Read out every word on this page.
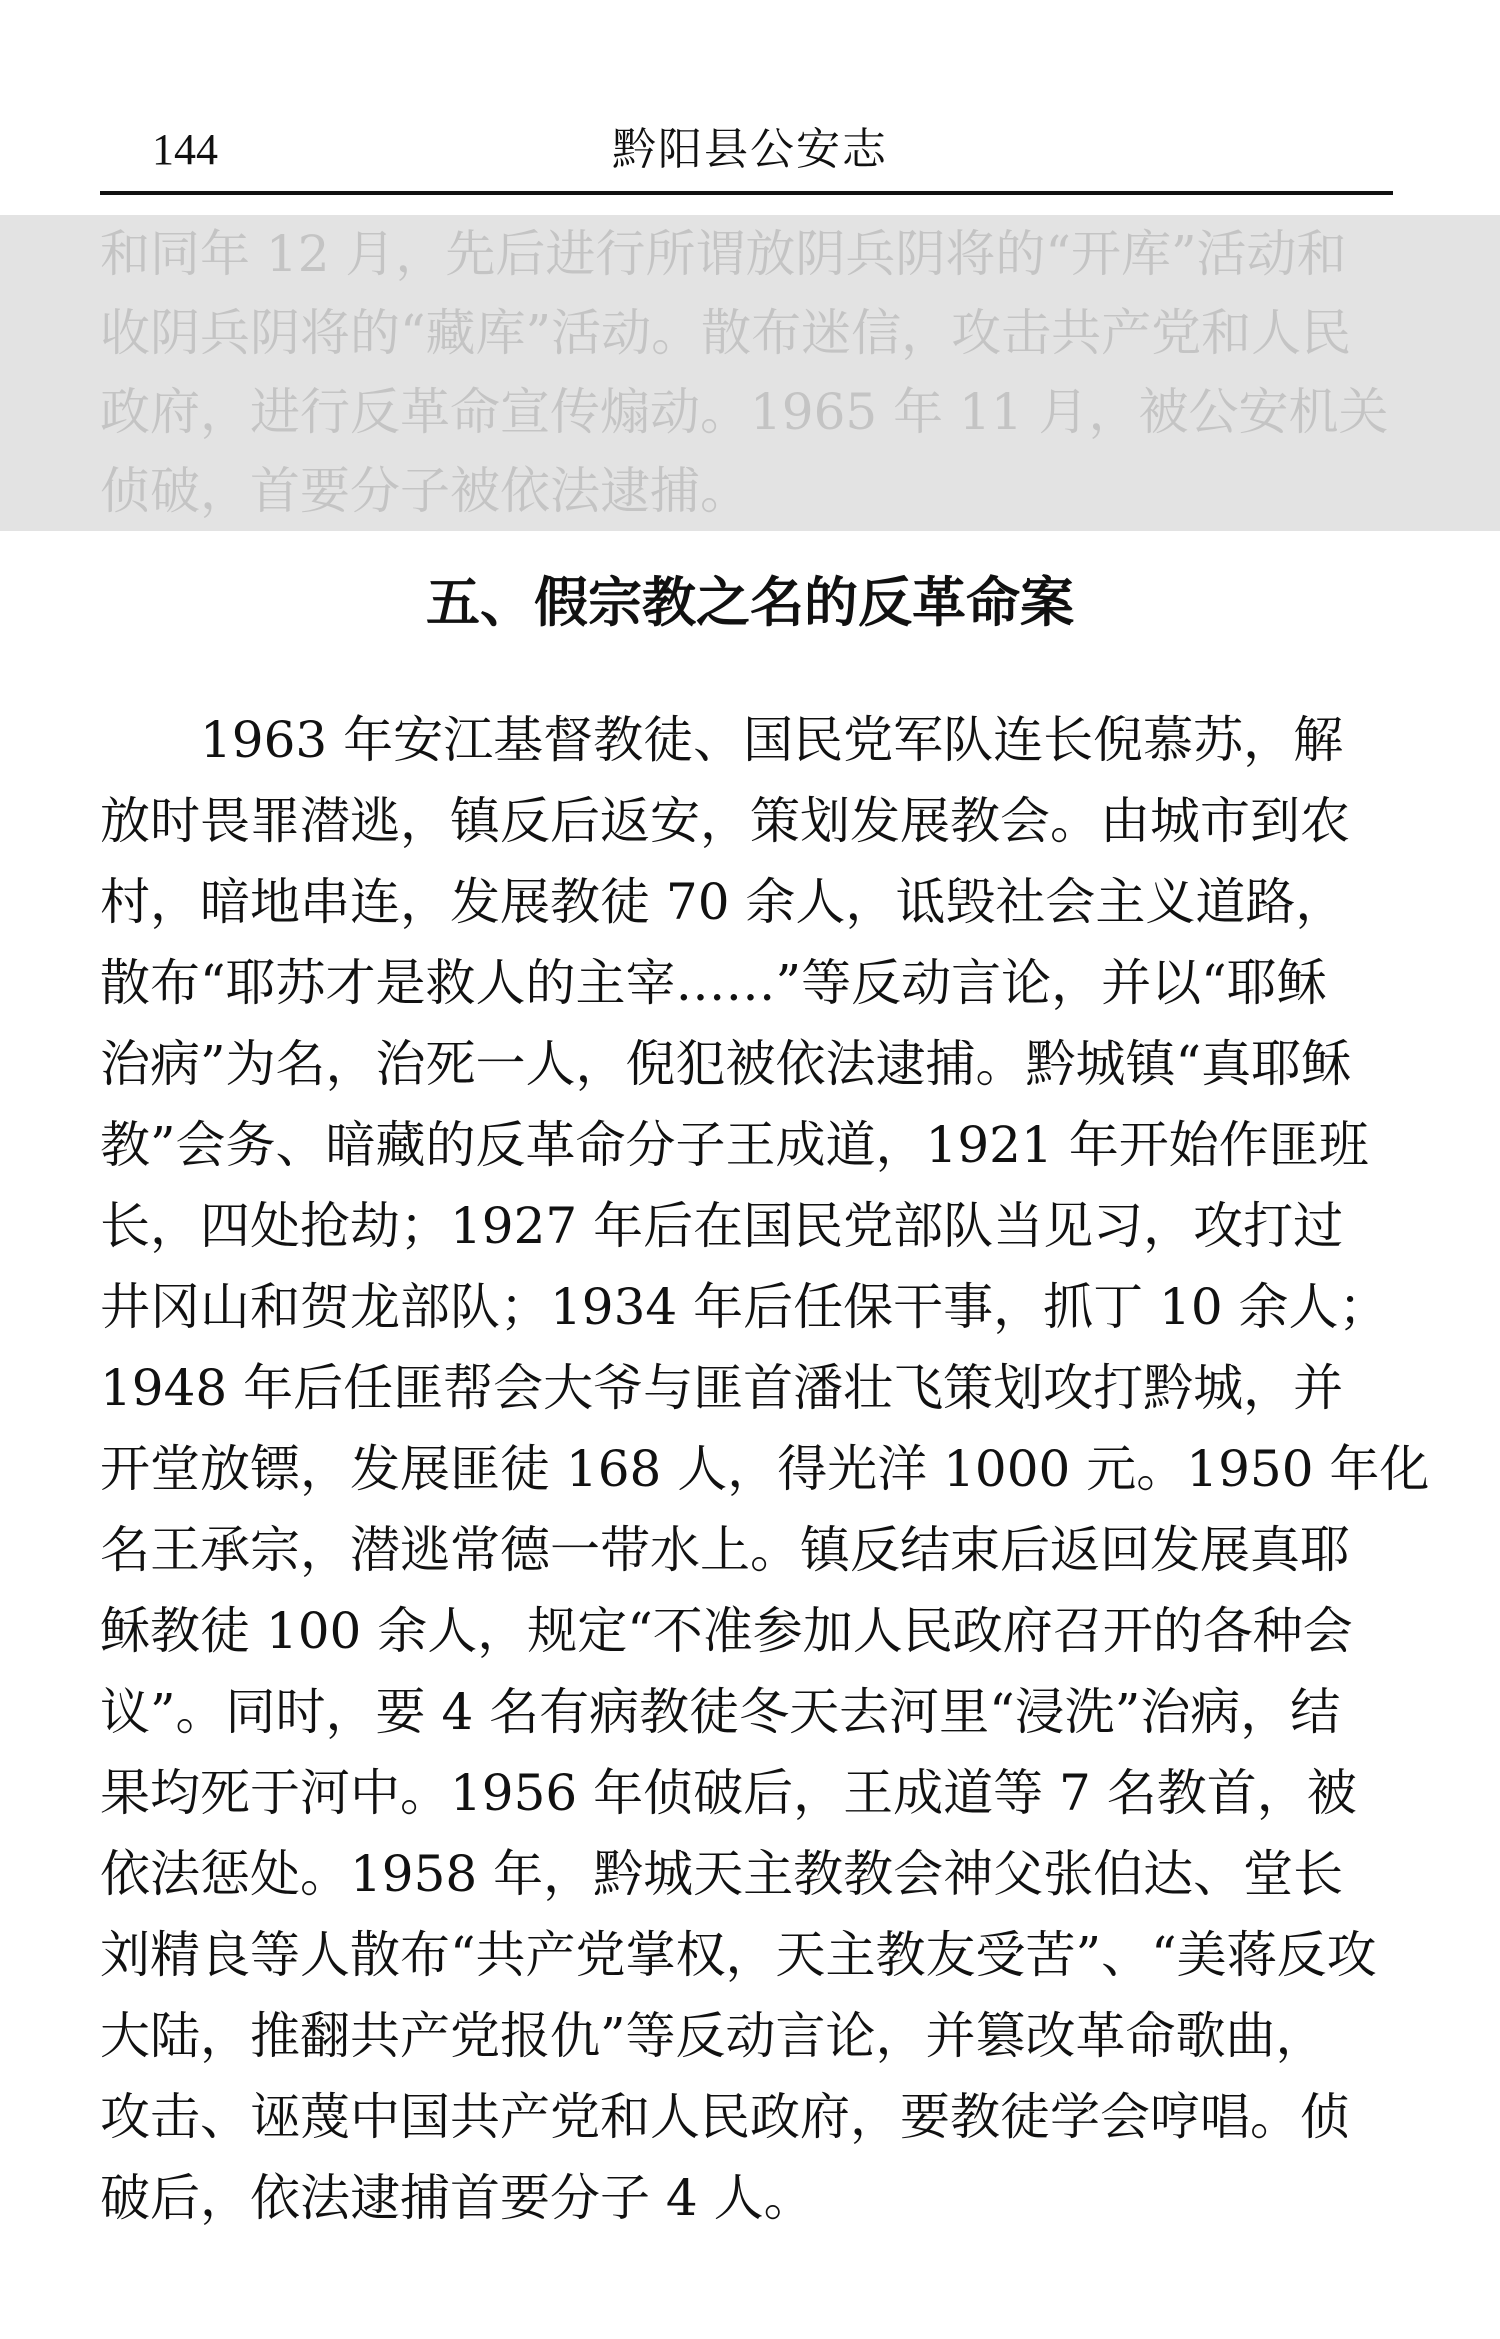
144	黔阳县公安志
和同年 12 月，先后进行所谓放阴兵阴将的“开库”活动和
收阴兵阴将的“藏库”活动。散布迷信，攻击共产党和人民
政府，进行反革命宣传煽动。1965 年 11 月，被公安机关
侦破，首要分子被依法逮捕。
五、假宗教之名的反革命案
　　1963 年安江基督教徒、国民党军队连长倪慕苏，解
放时畏罪潜逃，镇反后返安，策划发展教会。由城市到农
村，暗地串连，发展教徒 70 余人，诋毁社会主义道路，
散布“耶苏才是救人的主宰……”等反动言论，并以“耶稣
治病”为名，治死一人，倪犯被依法逮捕。黔城镇“真耶稣
教”会务、暗藏的反革命分子王成道，1921 年开始作匪班
长，四处抢劫；1927 年后在国民党部队当见习，攻打过
井冈山和贺龙部队；1934 年后任保干事，抓丁 10 余人；
1948 年后任匪帮会大爷与匪首潘壮飞策划攻打黔城，并
开堂放镖，发展匪徒 168 人，得光洋 1000 元。1950 年化
名王承宗，潜逃常德一带水上。镇反结束后返回发展真耶
稣教徒 100 余人，规定“不准参加人民政府召开的各种会
议”。同时，要 4 名有病教徒冬天去河里“浸洗”治病，结
果均死于河中。1956 年侦破后，王成道等 7 名教首，被
依法惩处。1958 年，黔城天主教教会神父张伯达、堂长
刘精良等人散布“共产党掌权，天主教友受苦”、“美蒋反攻
大陆，推翻共产党报仇”等反动言论，并篡改革命歌曲，
攻击、诬蔑中国共产党和人民政府，要教徒学会哼唱。侦
破后，依法逮捕首要分子 4 人。
